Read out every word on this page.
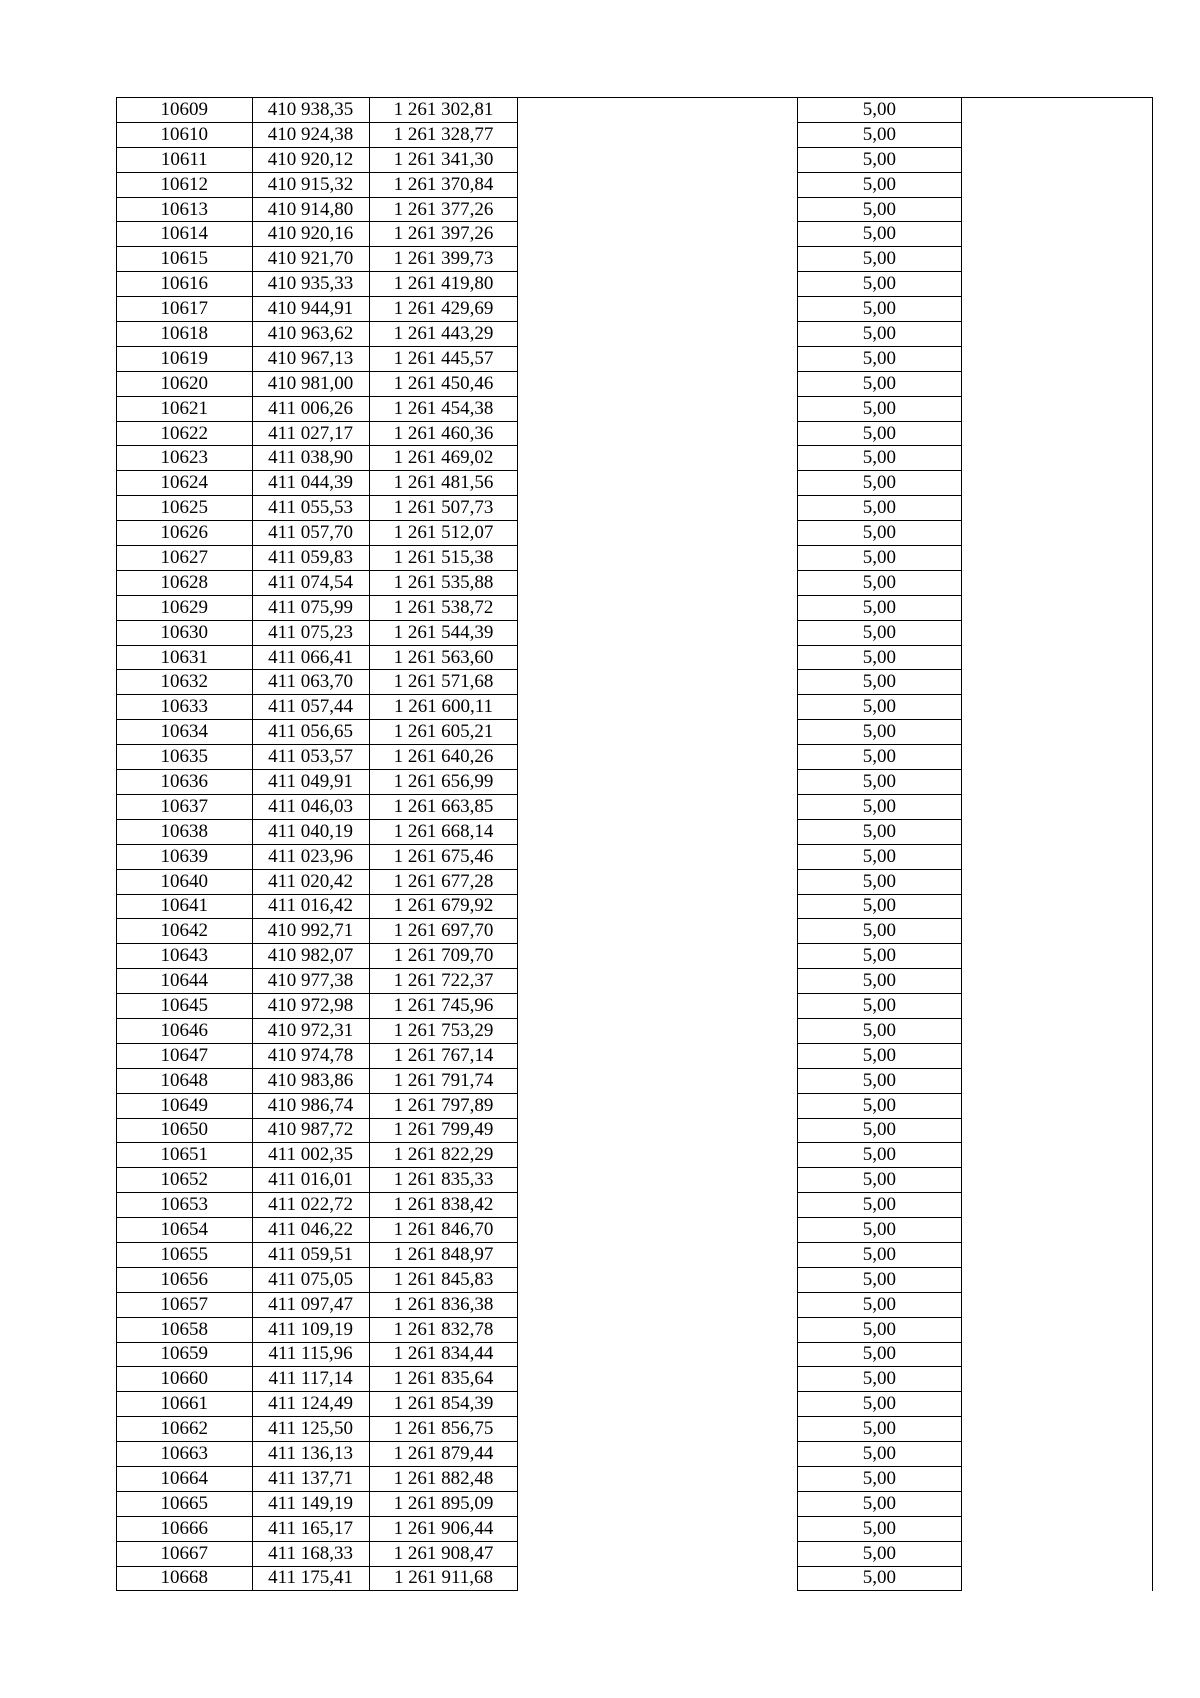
10609	410 938,35	1 261 302,81		5,00	
10610	410 924,38	1 261 328,77		5,00	
10611	410 920,12	1 261 341,30		5,00	
10612	410 915,32	1 261 370,84		5,00	
10613	410 914,80	1 261 377,26		5,00	
10614	410 920,16	1 261 397,26		5,00	
10615	410 921,70	1 261 399,73		5,00	
10616	410 935,33	1 261 419,80		5,00	
10617	410 944,91	1 261 429,69		5,00	
10618	410 963,62	1 261 443,29		5,00	
10619	410 967,13	1 261 445,57		5,00	
10620	410 981,00	1 261 450,46		5,00	
10621	411 006,26	1 261 454,38		5,00	
10622	411 027,17	1 261 460,36		5,00	
10623	411 038,90	1 261 469,02		5,00	
10624	411 044,39	1 261 481,56		5,00	
10625	411 055,53	1 261 507,73		5,00	
10626	411 057,70	1 261 512,07		5,00	
10627	411 059,83	1 261 515,38		5,00	
10628	411 074,54	1 261 535,88		5,00	
10629	411 075,99	1 261 538,72		5,00	
10630	411 075,23	1 261 544,39		5,00	
10631	411 066,41	1 261 563,60		5,00	
10632	411 063,70	1 261 571,68		5,00	
10633	411 057,44	1 261 600,11		5,00	
10634	411 056,65	1 261 605,21		5,00	
10635	411 053,57	1 261 640,26		5,00	
10636	411 049,91	1 261 656,99		5,00	
10637	411 046,03	1 261 663,85		5,00	
10638	411 040,19	1 261 668,14		5,00	
10639	411 023,96	1 261 675,46		5,00	
10640	411 020,42	1 261 677,28		5,00	
10641	411 016,42	1 261 679,92		5,00	
10642	410 992,71	1 261 697,70		5,00	
10643	410 982,07	1 261 709,70		5,00	
10644	410 977,38	1 261 722,37		5,00	
10645	410 972,98	1 261 745,96		5,00	
10646	410 972,31	1 261 753,29		5,00	
10647	410 974,78	1 261 767,14		5,00	
10648	410 983,86	1 261 791,74		5,00	
10649	410 986,74	1 261 797,89		5,00	
10650	410 987,72	1 261 799,49		5,00	
10651	411 002,35	1 261 822,29		5,00	
10652	411 016,01	1 261 835,33		5,00	
10653	411 022,72	1 261 838,42		5,00	
10654	411 046,22	1 261 846,70		5,00	
10655	411 059,51	1 261 848,97		5,00	
10656	411 075,05	1 261 845,83		5,00	
10657	411 097,47	1 261 836,38		5,00	
10658	411 109,19	1 261 832,78		5,00	
10659	411 115,96	1 261 834,44		5,00	
10660	411 117,14	1 261 835,64		5,00	
10661	411 124,49	1 261 854,39		5,00	
10662	411 125,50	1 261 856,75		5,00	
10663	411 136,13	1 261 879,44		5,00	
10664	411 137,71	1 261 882,48		5,00	
10665	411 149,19	1 261 895,09		5,00	
10666	411 165,17	1 261 906,44		5,00	
10667	411 168,33	1 261 908,47		5,00	
10668	411 175,41	1 261 911,68		5,00	
